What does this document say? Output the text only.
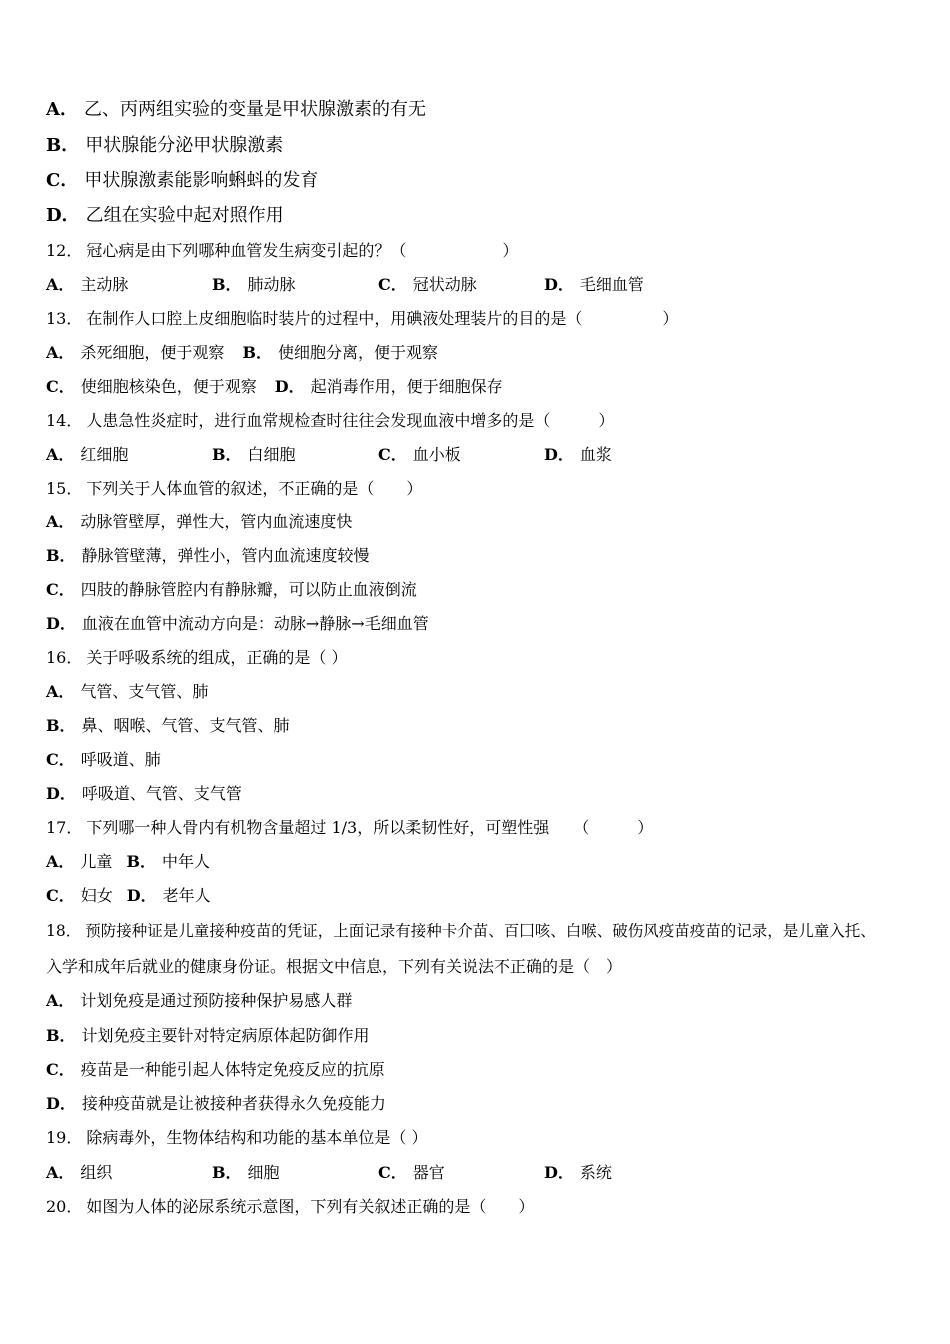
A． 乙、丙两组实验的变量是甲状腺激素的有无
B． 甲状腺能分泌甲状腺激素
C． 甲状腺激素能影响蝌蚪的发育
D． 乙组在实验中起对照作用
12． 冠心病是由下列哪种血管发生病变引起的？（　　　　　　）
A． 主动脉	B． 肺动脉	C． 冠状动脉	D． 毛细血管
13． 在制作人口腔上皮细胞临时装片的过程中，用碘液处理装片的目的是（　　　　　）
A． 杀死细胞，便于观察 B． 使细胞分离，便于观察
C． 使细胞核染色，便于观察 D． 起消毒作用，便于细胞保存
14． 人患急性炎症时，进行血常规检查时往往会发现血液中增多的是（　　　）
A． 红细胞	B． 白细胞	C． 血小板	D． 血浆
15． 下列关于人体血管的叙述，不正确的是（　　）
A． 动脉管壁厚，弹性大，管内血流速度快
B． 静脉管壁薄，弹性小，管内血流速度较慢
C． 四肢的静脉管腔内有静脉瓣，可以防止血液倒流
D． 血液在血管中流动方向是：动脉→静脉→毛细血管
16． 关于呼吸系统的组成，正确的是（ ）
A． 气管、支气管、肺
B． 鼻、咽喉、气管、支气管、肺
C． 呼吸道、肺
D． 呼吸道、气管、支气管
17． 下列哪一种人骨内有机物含量超过 1/3，所以柔韧性好，可塑性强　　（　　　）
A． 儿童 B． 中年人
C． 妇女 D． 老年人
18． 预防接种证是儿童接种疫苗的凭证，上面记录有接种卡介苗、百囗咳、白喉、破伤风疫苗疫苗的记录，是儿童入托、
入学和成年后就业的健康身份证。根据文中信息，下列有关说法不正确的是（　）
A． 计划免疫是通过预防接种保护易感人群
B． 计划免疫主要针对特定病原体起防御作用
C． 疫苗是一种能引起人体特定免疫反应的抗原
D． 接种疫苗就是让被接种者获得永久免疫能力
19． 除病毒外，生物体结构和功能的基本单位是（ ）
A． 组织	B． 细胞	C． 器官	D． 系统
20． 如图为人体的泌尿系统示意图，下列有关叙述正确的是（　　）
